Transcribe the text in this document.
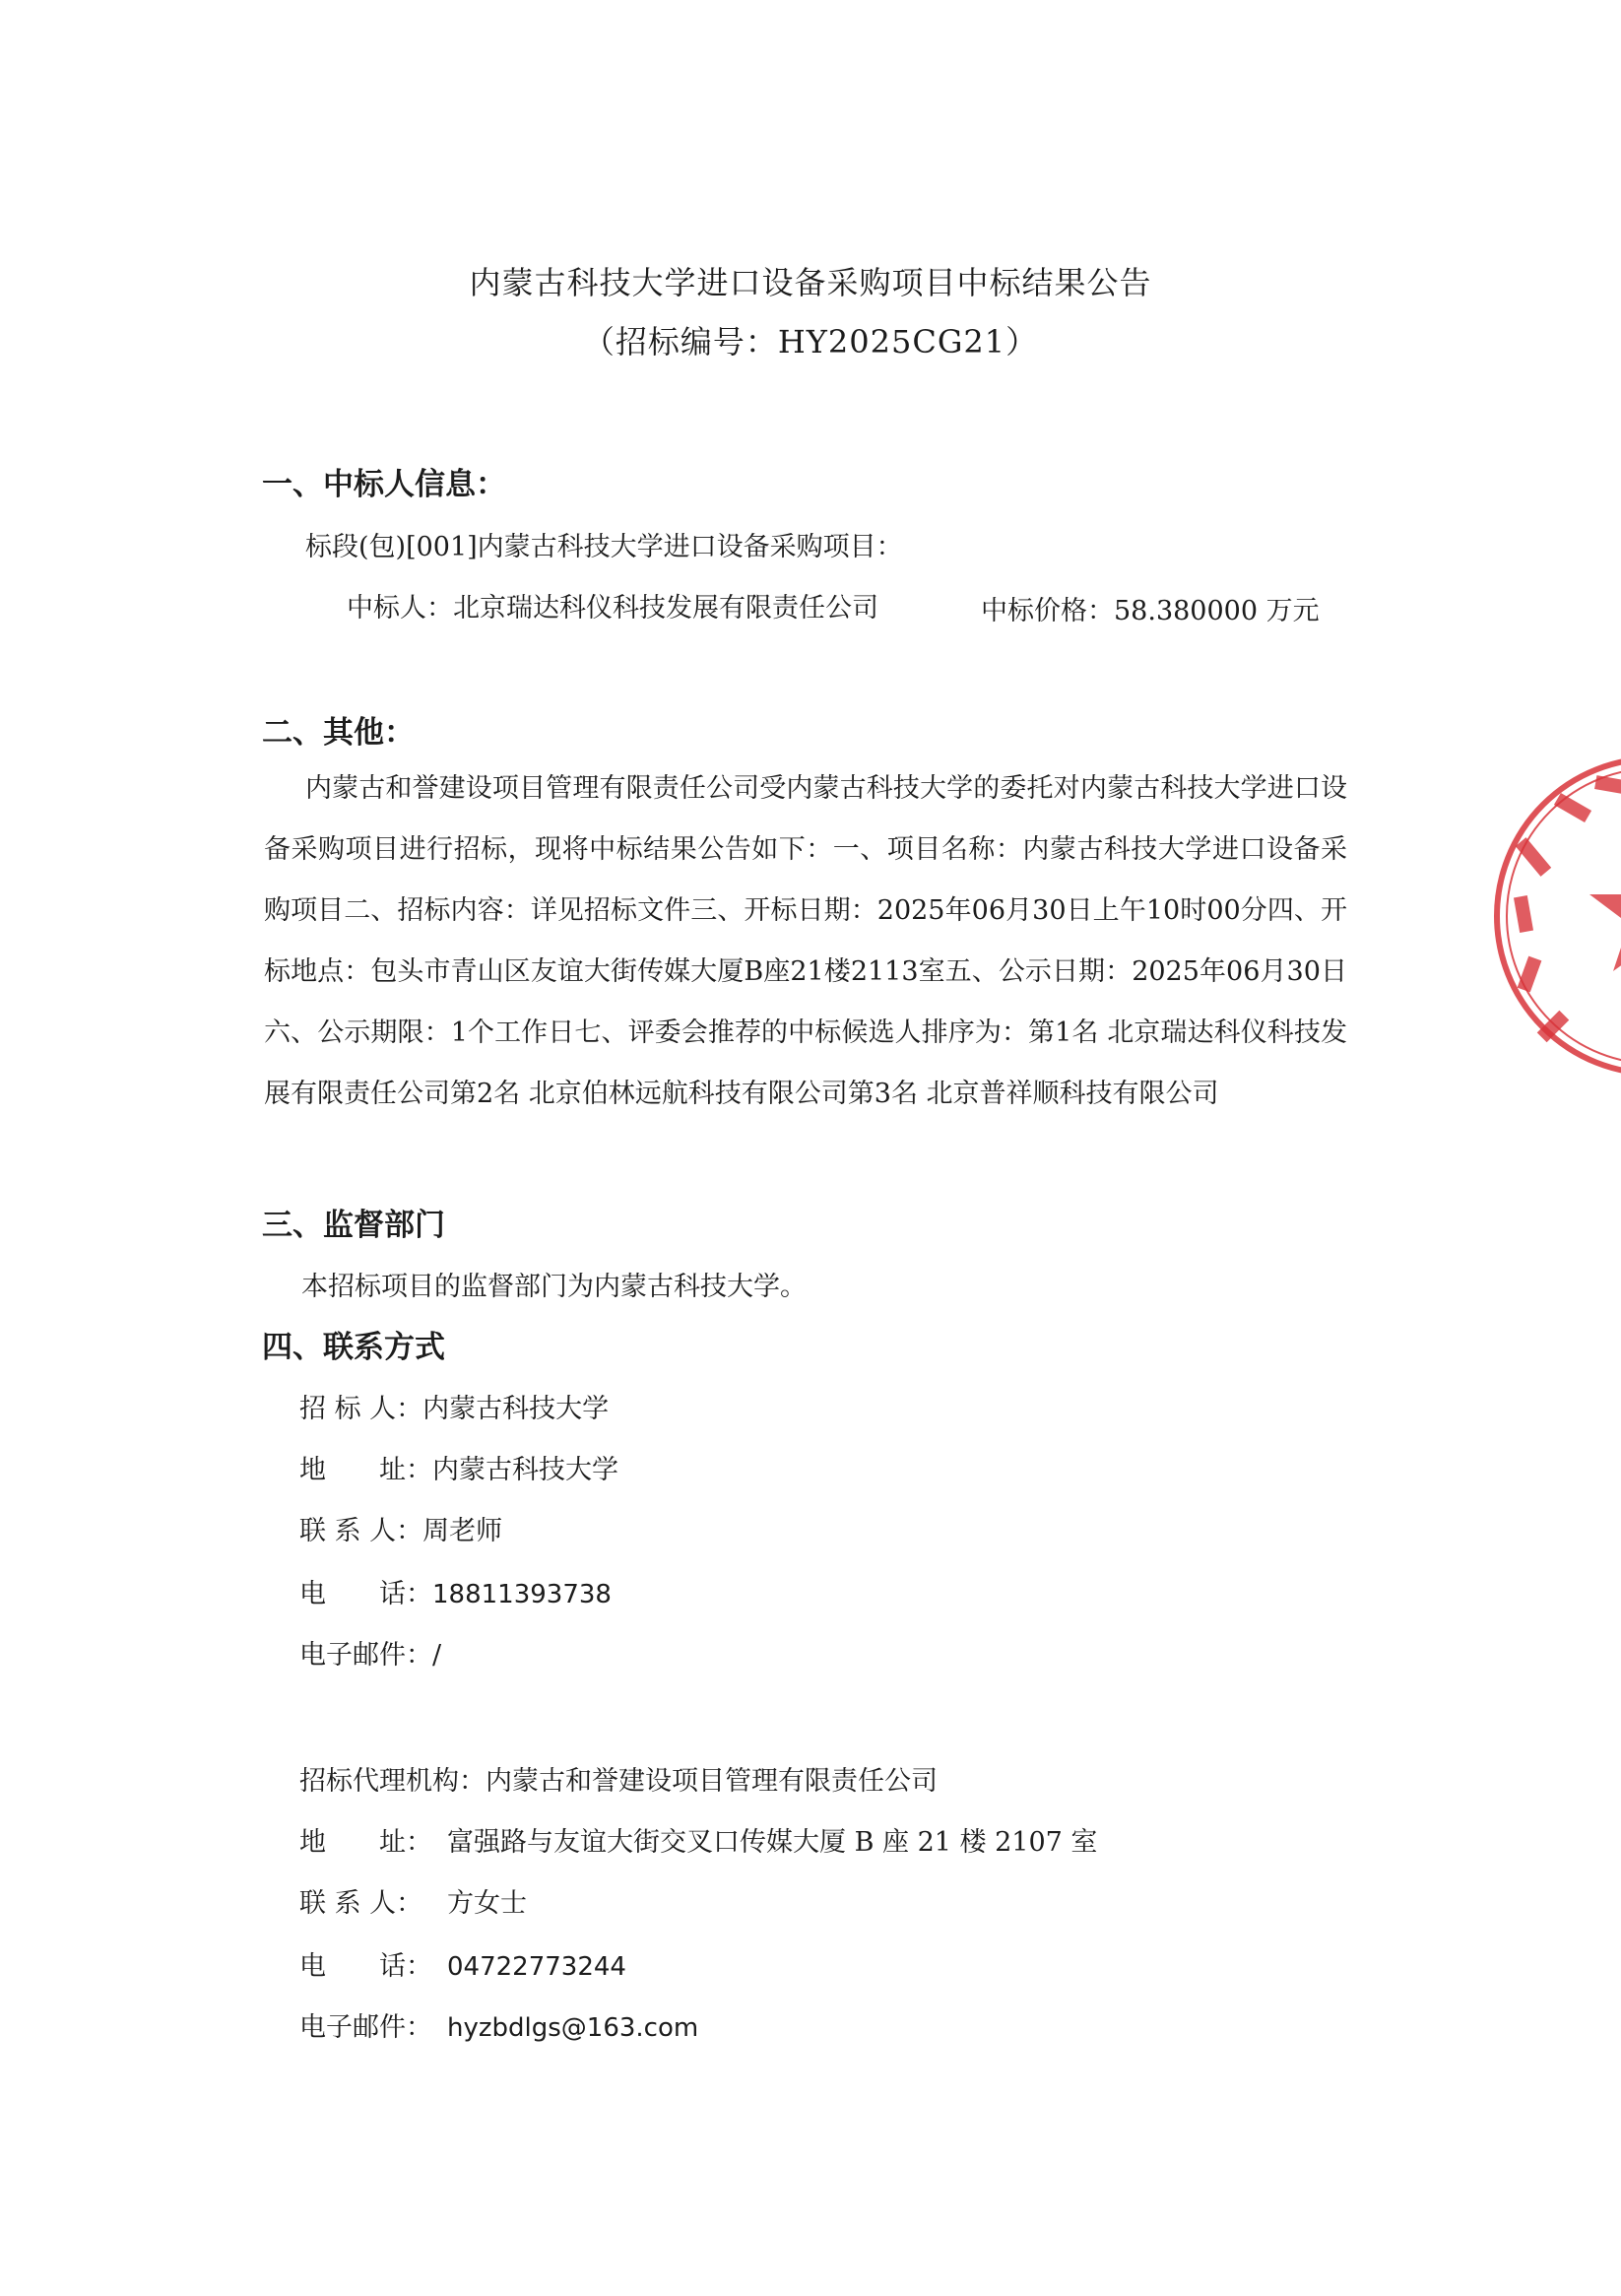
内蒙古科技大学进口设备采购项目中标结果公告
（招标编号：HY2025CG21）
一、中标人信息：
标段(包)[001]内蒙古科技大学进口设备采购项目：
中标人：北京瑞达科仪科技发展有限责任公司	中标价格：58.380000 万元
二、其他：
内蒙古和誉建设项目管理有限责任公司受内蒙古科技大学的委托对内蒙古科技大学进口设备采购项目进行招标，现将中标结果公告如下：一、项目名称：内蒙古科技大学进口设备采购项目二、招标内容：详见招标文件三、开标日期：2025年06月30日上午10时00分四、开标地点：包头市青山区友谊大街传媒大厦B座21楼2113室五、公示日期：2025年06月30日六、公示期限：1个工作日七、评委会推荐的中标候选人排序为：第1名 北京瑞达科仪科技发展有限责任公司第2名 北京伯林远航科技有限公司第3名 北京普祥顺科技有限公司
三、监督部门
本招标项目的监督部门为内蒙古科技大学。
四、联系方式
招 标 人：内蒙古科技大学
地　　址：内蒙古科技大学
联 系 人：周老师
电　　话：18811393738
电子邮件：/
招标代理机构：内蒙古和誉建设项目管理有限责任公司
地　　址： 富强路与友谊大街交叉口传媒大厦 B 座 21 楼 2107 室
联 系 人： 方女士
电　　话： 04722773244
电子邮件： hyzbdlgs@163.com
